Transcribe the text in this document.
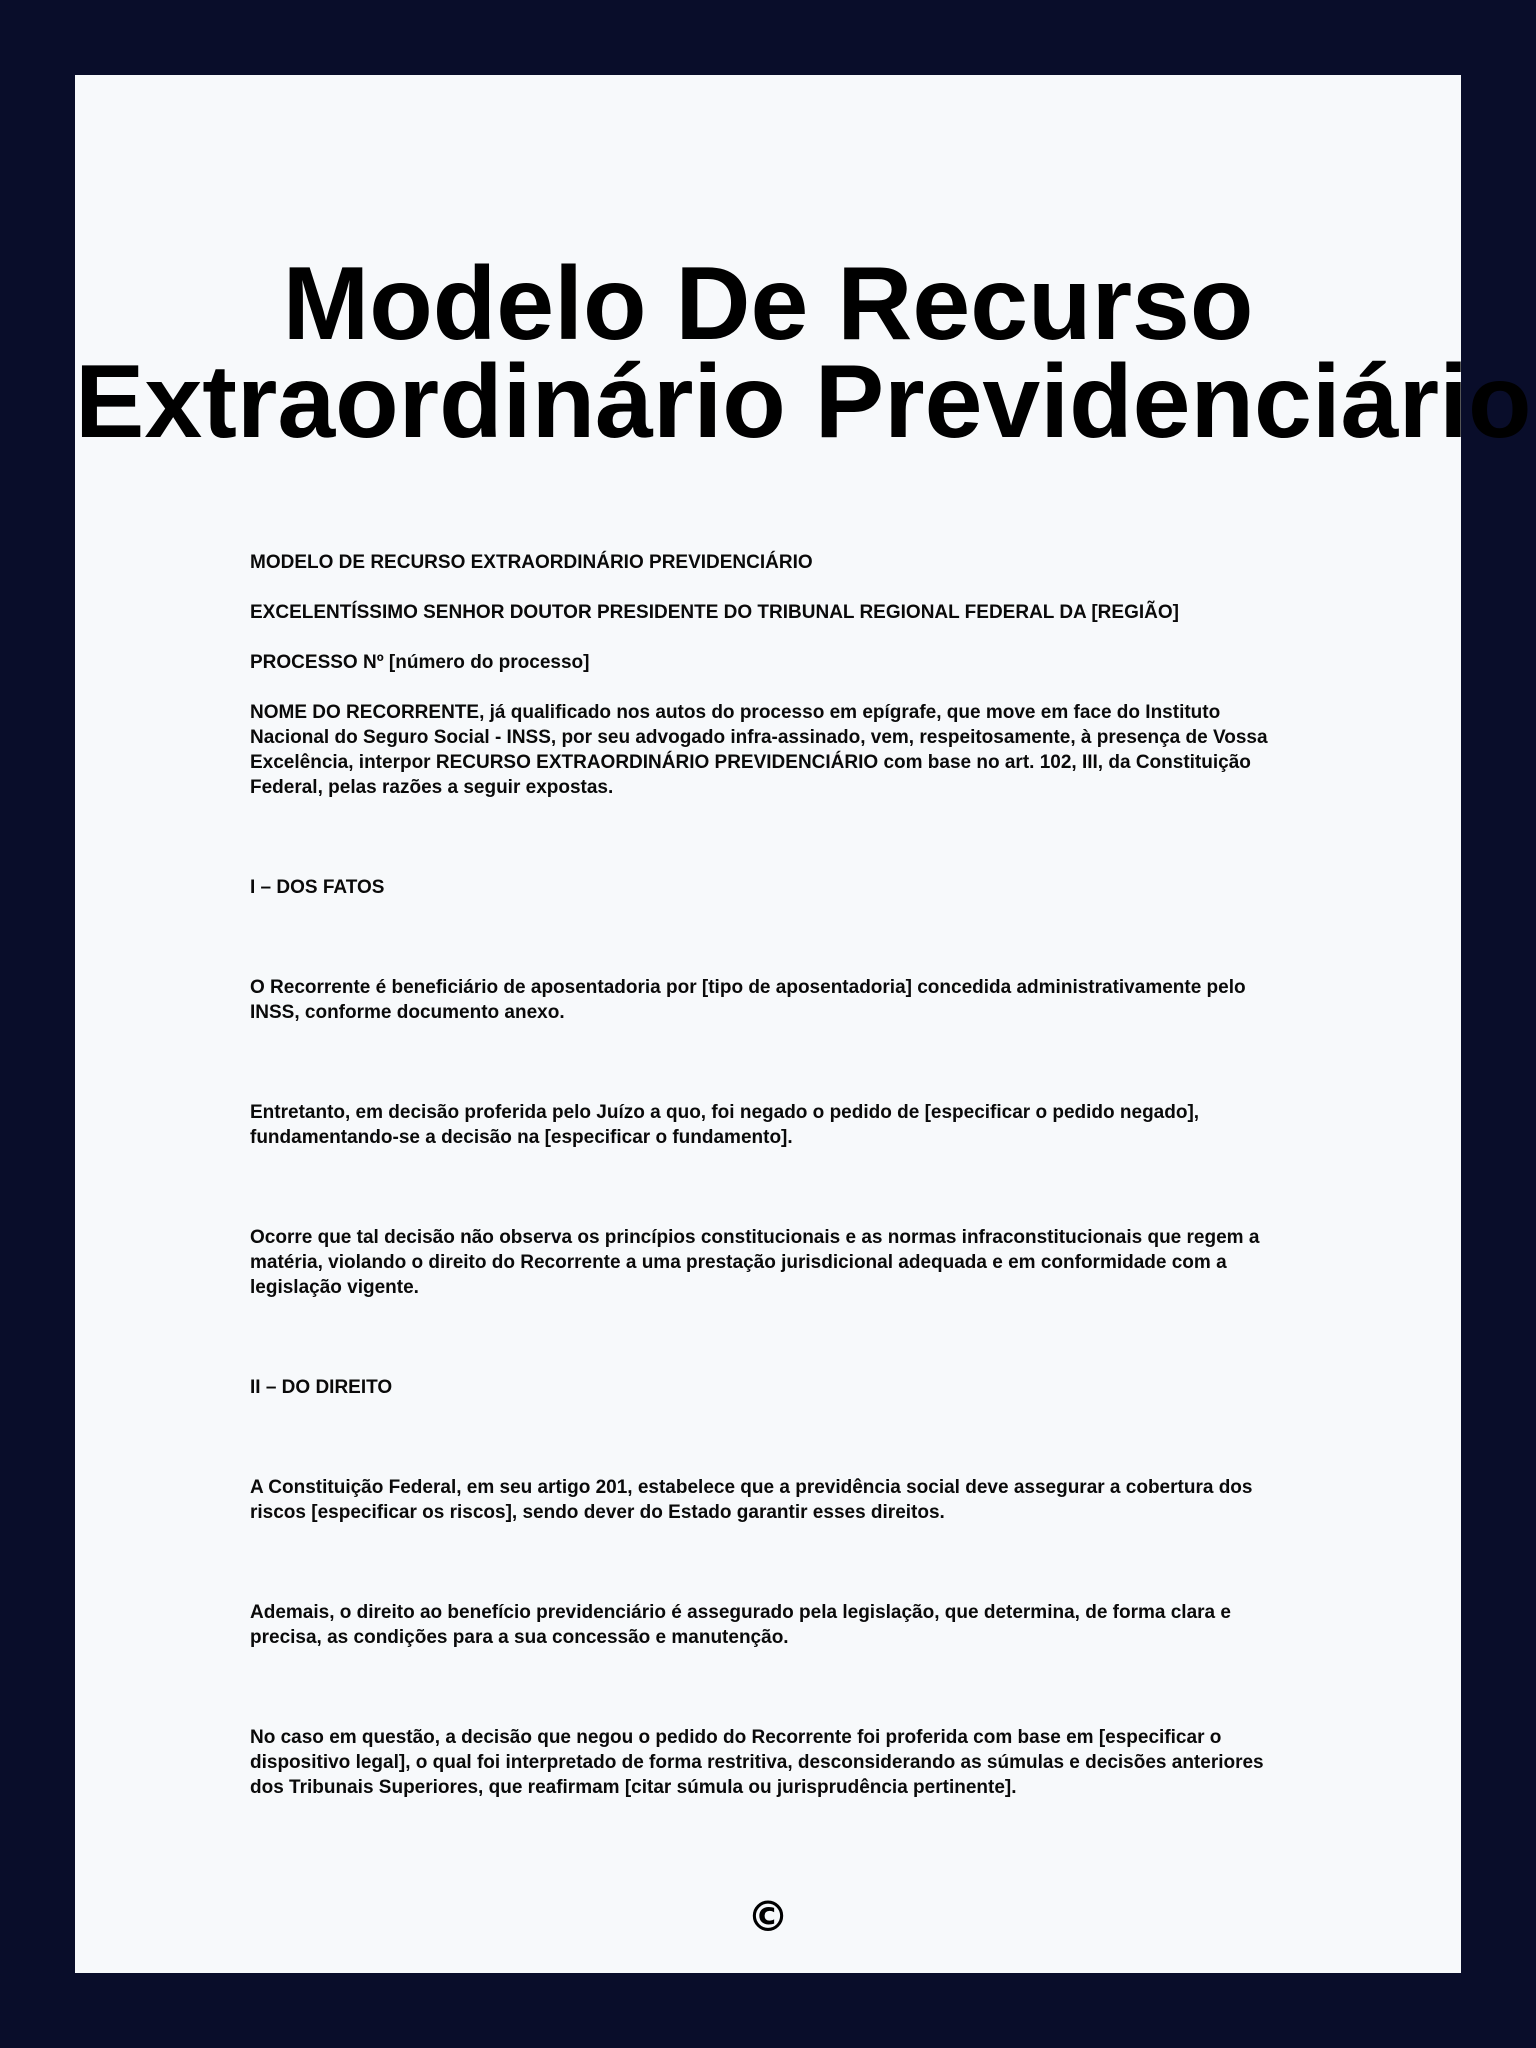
Modelo De Recurso
Extraordinário Previdenciário

MODELO DE RECURSO EXTRAORDINÁRIO PREVIDENCIÁRIO

EXCELENTÍSSIMO SENHOR DOUTOR PRESIDENTE DO TRIBUNAL REGIONAL FEDERAL DA [REGIÃO]

PROCESSO Nº [número do processo]

NOME DO RECORRENTE, já qualificado nos autos do processo em epígrafe, que move em face do Instituto Nacional do Seguro Social - INSS, por seu advogado infra-assinado, vem, respeitosamente, à presença de Vossa Excelência, interpor RECURSO EXTRAORDINÁRIO PREVIDENCIÁRIO com base no art. 102, III, da Constituição Federal, pelas razões a seguir expostas.

I – DOS FATOS

O Recorrente é beneficiário de aposentadoria por [tipo de aposentadoria] concedida administrativamente pelo INSS, conforme documento anexo.

Entretanto, em decisão proferida pelo Juízo a quo, foi negado o pedido de [especificar o pedido negado], fundamentando-se a decisão na [especificar o fundamento].

Ocorre que tal decisão não observa os princípios constitucionais e as normas infraconstitucionais que regem a matéria, violando o direito do Recorrente a uma prestação jurisdicional adequada e em conformidade com a legislação vigente.

II – DO DIREITO

A Constituição Federal, em seu artigo 201, estabelece que a previdência social deve assegurar a cobertura dos riscos [especificar os riscos], sendo dever do Estado garantir esses direitos.

Ademais, o direito ao benefício previdenciário é assegurado pela legislação, que determina, de forma clara e precisa, as condições para a sua concessão e manutenção.

No caso em questão, a decisão que negou o pedido do Recorrente foi proferida com base em [especificar o dispositivo legal], o qual foi interpretado de forma restritiva, desconsiderando as súmulas e decisões anteriores dos Tribunais Superiores, que reafirmam [citar súmula ou jurisprudência pertinente].

©
